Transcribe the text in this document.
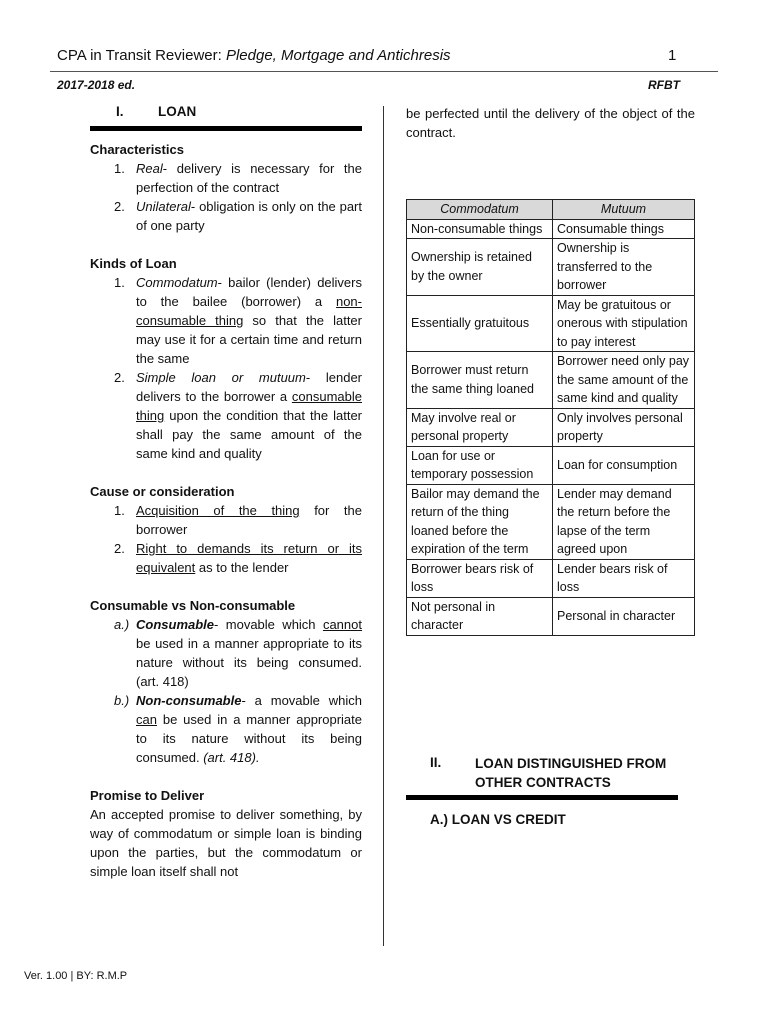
CPA in Transit Reviewer: Pledge, Mortgage and Antichresis	1
2017-2018 ed.	RFBT
I.	LOAN
Characteristics
1. Real- delivery is necessary for the perfection of the contract
2. Unilateral- obligation is only on the part of one party
Kinds of Loan
1. Commodatum- bailor (lender) delivers to the bailee (borrower) a non-consumable thing so that the latter may use it for a certain time and return the same
2. Simple loan or mutuum- lender delivers to the borrower a consumable thing upon the condition that the latter shall pay the same amount of the same kind and quality
Cause or consideration
1. Acquisition of the thing for the borrower
2. Right to demands its return or its equivalent as to the lender
Consumable vs Non-consumable
a.) Consumable- movable which cannot be used in a manner appropriate to its nature without its being consumed. (art. 418)
b.) Non-consumable- a movable which can be used in a manner appropriate to its nature without its being consumed. (art. 418).
Promise to Deliver
An accepted promise to deliver something, by way of commodatum or simple loan is binding upon the parties, but the commodatum or simple loan itself shall not
be perfected until the delivery of the object of the contract.
Commodatum	Mutuum
Non-consumable things	Consumable things
Ownership is retained by the owner	Ownership is transferred to the borrower
Essentially gratuitous	May be gratuitous or onerous with stipulation to pay interest
Borrower must return the same thing loaned	Borrower need only pay the same amount of the same kind and quality
May involve real or personal property	Only involves personal property
Loan for use or temporary possession	Loan for consumption
Bailor may demand the return of the thing loaned before the expiration of the term	Lender may demand the return before the lapse of the term agreed upon
Borrower bears risk of loss	Lender bears risk of loss
Not personal in character	Personal in character
II. LOAN DISTINGUISHED FROM OTHER CONTRACTS
A.) LOAN VS CREDIT
Ver. 1.00 | BY: R.M.P
